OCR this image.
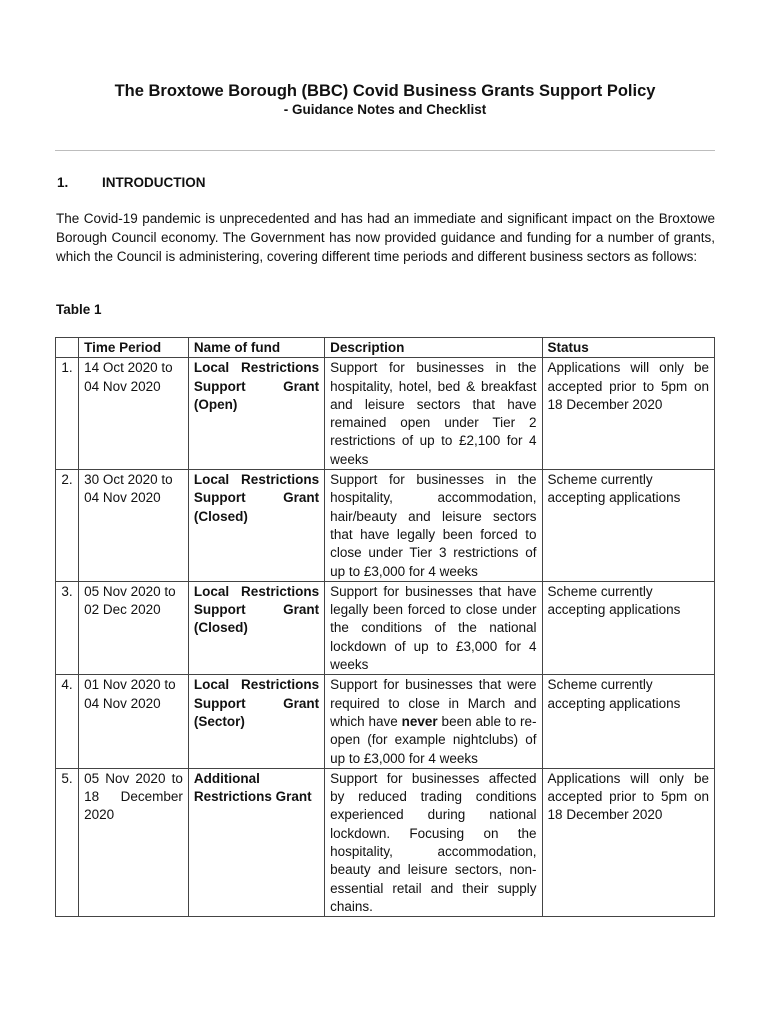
The Broxtowe Borough (BBC) Covid Business Grants Support Policy
- Guidance Notes and Checklist
1. INTRODUCTION

The Covid-19 pandemic is unprecedented and has had an immediate and significant impact on the Broxtowe Borough Council economy. The Government has now provided guidance and funding for a number of grants, which the Council is administering, covering different time periods and different business sectors as follows:

Table 1
	Time Period	Name of fund	Description	Status
1.	14 Oct 2020 to 04 Nov 2020	Local Restrictions Support Grant (Open)	Support for businesses in the hospitality, hotel, bed & breakfast and leisure sectors that have remained open under Tier 2 restrictions of up to £2,100 for 4 weeks	Applications will only be accepted prior to 5pm on 18 December 2020
2.	30 Oct 2020 to 04 Nov 2020	Local Restrictions Support Grant (Closed)	Support for businesses in the hospitality, accommodation, hair/beauty and leisure sectors that have legally been forced to close under Tier 3 restrictions of up to £3,000 for 4 weeks	Scheme currently accepting applications
3.	05 Nov 2020 to 02 Dec 2020	Local Restrictions Support Grant (Closed)	Support for businesses that have legally been forced to close under the conditions of the national lockdown of up to £3,000 for 4 weeks	Scheme currently accepting applications
4.	01 Nov 2020 to 04 Nov 2020	Local Restrictions Support Grant (Sector)	Support for businesses that were required to close in March and which have never been able to re-open (for example nightclubs) of up to £3,000 for 4 weeks	Scheme currently accepting applications
5.	05 Nov 2020 to 18 December 2020	Additional Restrictions Grant	Support for businesses affected by reduced trading conditions experienced during national lockdown. Focusing on the hospitality, accommodation, beauty and leisure sectors, non-essential retail and their supply chains.	Applications will only be accepted prior to 5pm on 18 December 2020
